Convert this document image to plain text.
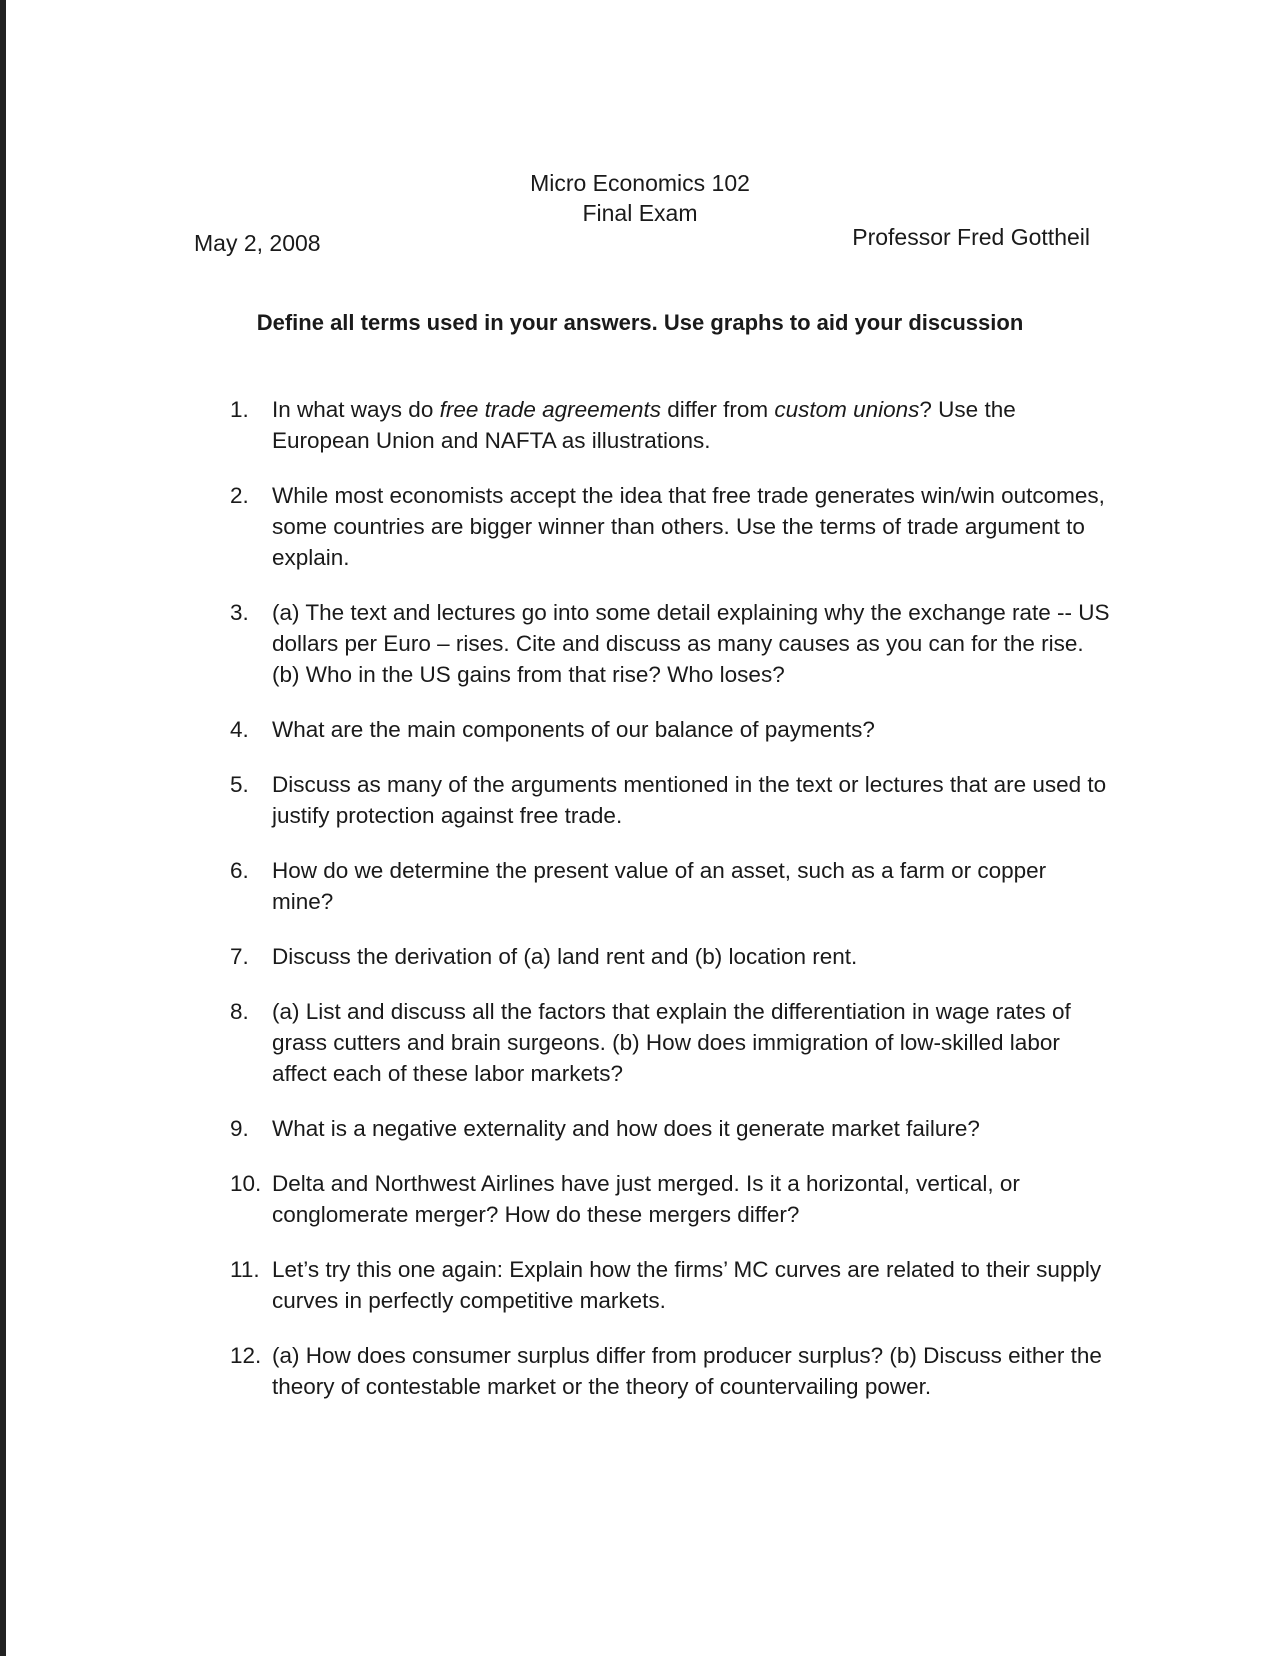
Micro Economics 102
Final Exam
May 2, 2008	Professor Fred Gottheil
Define all terms used in your answers. Use graphs to aid your discussion
1. In what ways do free trade agreements differ from custom unions? Use the European Union and NAFTA as illustrations.
2. While most economists accept the idea that free trade generates win/win outcomes, some countries are bigger winner than others. Use the terms of trade argument to explain.
3. (a) The text and lectures go into some detail explaining why the exchange rate -- US dollars per Euro – rises. Cite and discuss as many causes as you can for the rise. (b) Who in the US gains from that rise? Who loses?
4. What are the main components of our balance of payments?
5. Discuss as many of the arguments mentioned in the text or lectures that are used to justify protection against free trade.
6. How do we determine the present value of an asset, such as a farm or copper mine?
7. Discuss the derivation of (a) land rent and (b) location rent.
8. (a) List and discuss all the factors that explain the differentiation in wage rates of grass cutters and brain surgeons. (b) How does immigration of low-skilled labor affect each of these labor markets?
9. What is a negative externality and how does it generate market failure?
10. Delta and Northwest Airlines have just merged. Is it a horizontal, vertical, or conglomerate merger? How do these mergers differ?
11. Let’s try this one again: Explain how the firms’ MC curves are related to their supply curves in perfectly competitive markets.
12. (a) How does consumer surplus differ from producer surplus? (b) Discuss either the theory of contestable market or the theory of countervailing power.
